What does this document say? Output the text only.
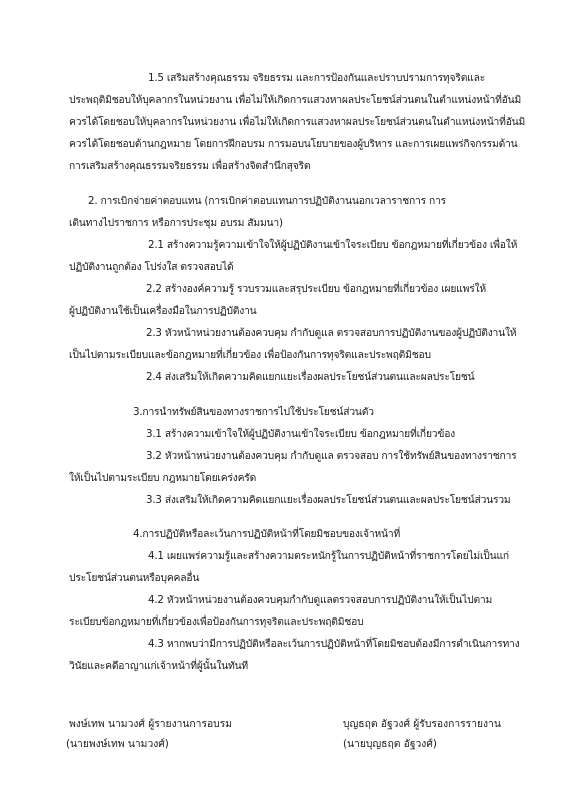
1.5 เสริมสร้างคุณธรรม จริยธรรม และการป้องกันและปราบปรามการทุจริตและ
ประพฤติมิชอบให้บุคลากรในหน่วยงาน เพื่อไม่ให้เกิดการแสวงหาผลประโยชน์ส่วนตนในตำแหน่งหน้าที่อันมิ
ควรได้โดยชอบให้บุคลากรในหน่วยงาน เพื่อไม่ให้เกิดการแสวงหาผลประโยชน์ส่วนตนในตำแหน่งหน้าที่อันมิ
ควรได้โดยชอบด้านกฎหมาย โดยการฝึกอบรม การมอบนโยบายของผู้บริหาร และการเผยแพร่กิจกรรมด้าน
การเสริมสร้างคุณธรรมจริยธรรม เพื่อสร้างจิตสำนึกสุจริต
2. การเบิกจ่ายค่าตอบแทน (การเบิกค่าตอบแทนการปฏิบัติงานนอกเวลาราชการ การ
เดินทางไปราชการ หรือการประชุม อบรม สัมมนา)
2.1 สร้างความรู้ความเข้าใจให้ผู้ปฏิบัติงานเข้าใจระเบียบ ข้อกฎหมายที่เกี่ยวข้อง เพื่อให้
ปฏิบัติงานถูกต้อง โปร่งใส ตรวจสอบได้
2.2 สร้างองค์ความรู้ รวบรวมและสรุประเบียบ ข้อกฎหมายที่เกี่ยวข้อง เผยแพร่ให้
ผู้ปฏิบัติงานใช้เป็นเครื่องมือในการปฏิบัติงาน
2.3 หัวหน้าหน่วยงานต้องควบคุม กำกับดูแล ตรวจสอบการปฏิบัติงานของผู้ปฏิบัติงานให้
เป็นไปตามระเบียบและข้อกฎหมายที่เกี่ยวข้อง เพื่อป้องกันการทุจริตและประพฤติมิชอบ
2.4 ส่งเสริมให้เกิดความคิดแยกแยะเรื่องผลประโยชน์ส่วนตนและผลประโยชน์
3.การนำทรัพย์สินของทางราชการไปใช้ประโยชน์ส่วนตัว
3.1 สร้างความเข้าใจให้ผู้ปฏิบัติงานเข้าใจระเบียบ ข้อกฎหมายที่เกี่ยวข้อง
3.2 หัวหน้าหน่วยงานต้องควบคุม กำกับดูแล ตรวจสอบ การใช้ทรัพย์สินของทางราชการ
ให้เป็นไปตามระเบียบ กฎหมายโดยเคร่งครัด
3.3 ส่งเสริมให้เกิดความคิดแยกแยะเรื่องผลประโยชน์ส่วนตนและผลประโยชน์ส่วนรวม
4.การปฏิบัติหรือละเว้นการปฏิบัติหน้าที่โดยมิชอบของเจ้าหน้าที่
4.1 เผยแพร่ความรู้และสร้างความตระหนักรู้ในการปฏิบัติหน้าที่ราชการโดยไม่เป็นแก่
ประโยชน์ส่วนตนหรือบุคคลอื่น
4.2 หัวหน้าหน่วยงานต้องควบคุมกำกับดูแลตรวจสอบการปฏิบัติงานให้เป็นไปตาม
ระเบียบข้อกฎหมายที่เกี่ยวข้องเพื่อป้องกันการทุจริตและประพฤติมิชอบ
4.3 หากพบว่ามีการปฏิบัติหรือละเว้นการปฏิบัติหน้าที่โดยมิชอบต้องมีการดำเนินการทาง
วินัยและคดีอาญาแก่เจ้าหน้าที่ผู้นั้นในทันที
พงษ์เทพ นามวงศ์ ผู้รายงานการอบรม
(นายพงษ์เทพ นามวงศ์)
บุญธฤต อัฐวงศ์ ผู้รับรองการรายงาน
(นายบุญธฤต อัฐวงศ์)
